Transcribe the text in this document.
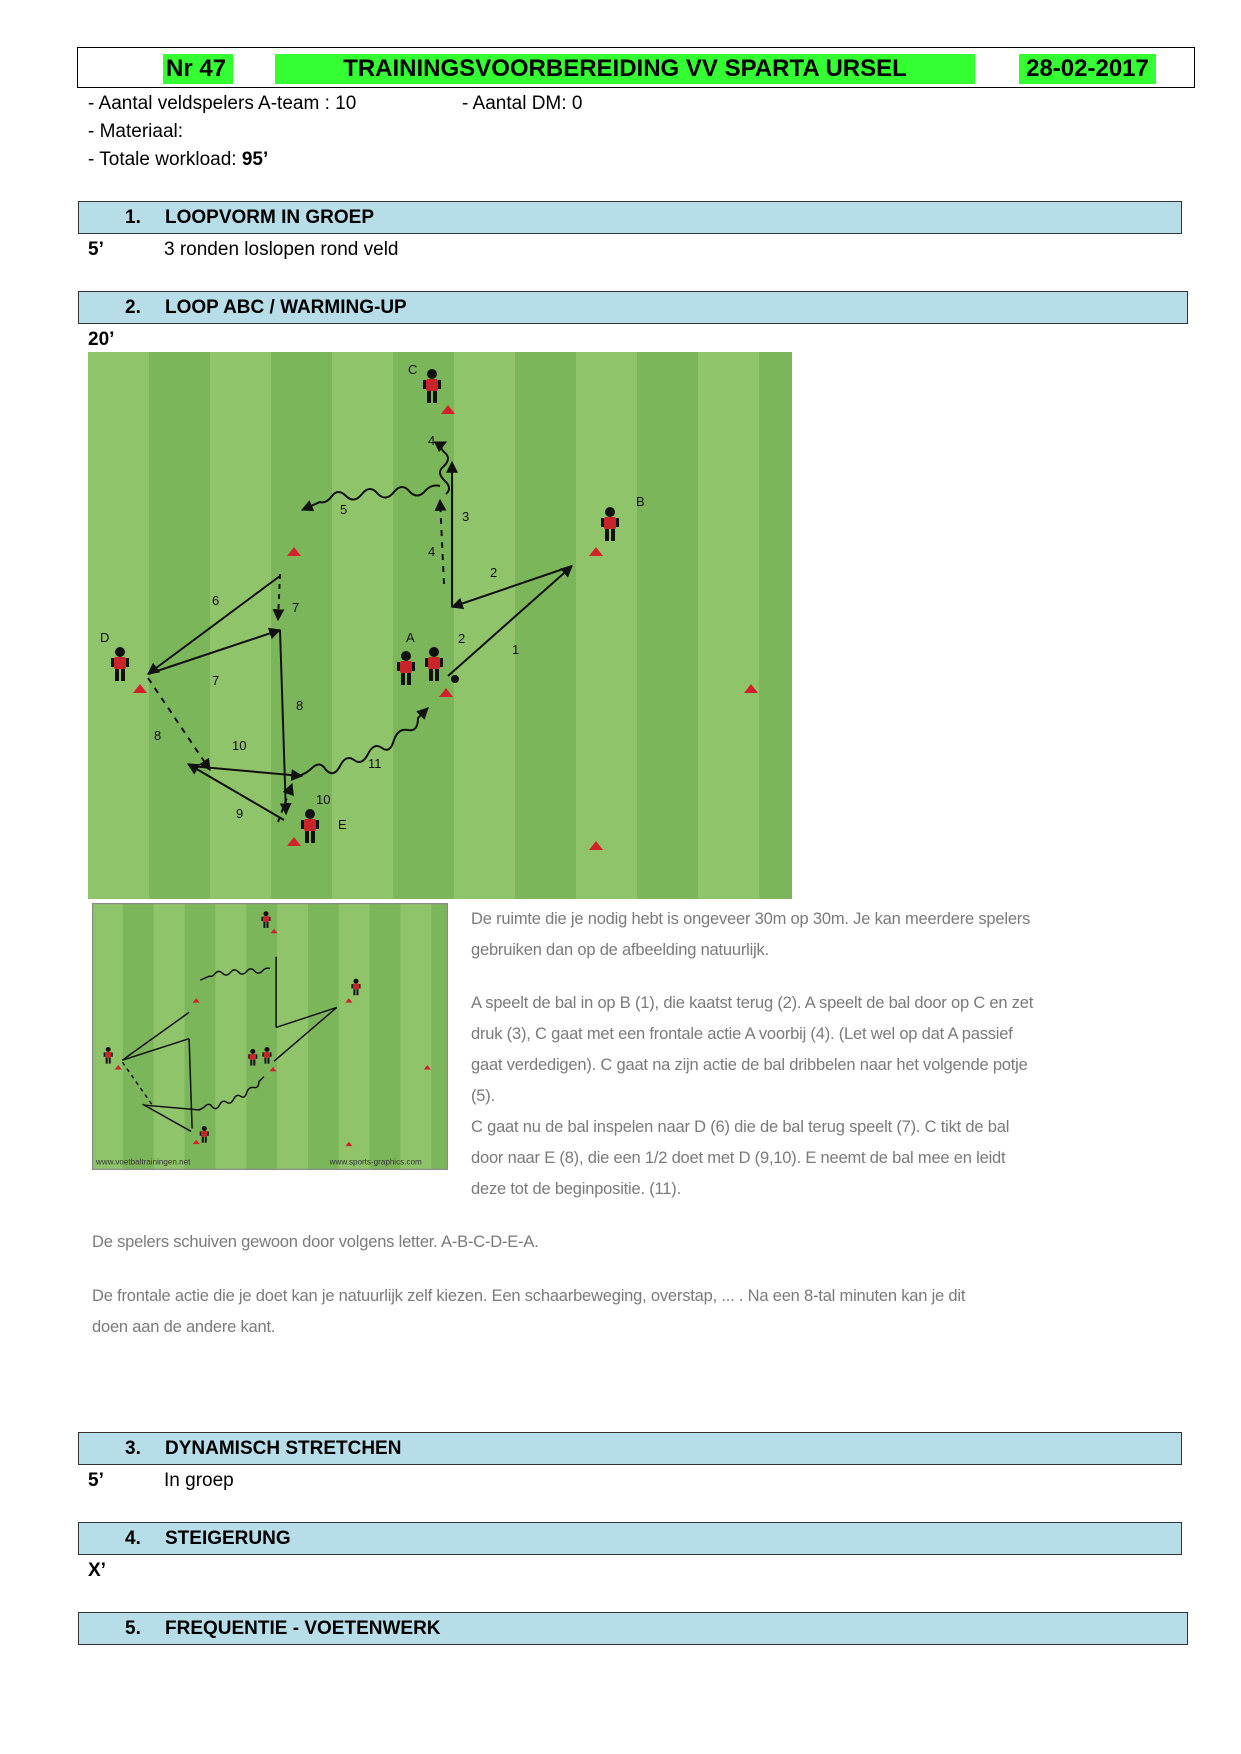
Nr 47	TRAININGSVOORBEREIDING VV SPARTA URSEL	28-02-2017
- Aantal veldspelers A-team : 10	- Aantal DM: 0
- Materiaal:
- Totale workload: 95’
1. LOOPVORM IN GROEP
5’	3 ronden loslopen rond veld
2. LOOP ABC / WARMING-UP
20’
C
B
D	A
E
1
2
2
3
4
4
5
6	7
7
8
8
9
10
10
11
www.voetbaltrainingen.net	www.sports-graphics.com
De ruimte die je nodig hebt is ongeveer 30m op 30m. Je kan meerdere spelers
gebruiken dan op de afbeelding natuurlijk.
A speelt de bal in op B (1), die kaatst terug (2). A speelt de bal door op C en zet
druk (3), C gaat met een frontale actie A voorbij (4). (Let wel op dat A passief
gaat verdedigen). C gaat na zijn actie de bal dribbelen naar het volgende potje
(5).
C gaat nu de bal inspelen naar D (6) die de bal terug speelt (7). C tikt de bal
door naar E (8), die een 1/2 doet met D (9,10). E neemt de bal mee en leidt
deze tot de beginpositie. (11).
De spelers schuiven gewoon door volgens letter. A-B-C-D-E-A.
De frontale actie die je doet kan je natuurlijk zelf kiezen. Een schaarbeweging, overstap, ... . Na een 8-tal minuten kan je dit
doen aan de andere kant.
3. DYNAMISCH STRETCHEN
5’	In groep
4. STEIGERUNG
X’
5. FREQUENTIE - VOETENWERK
